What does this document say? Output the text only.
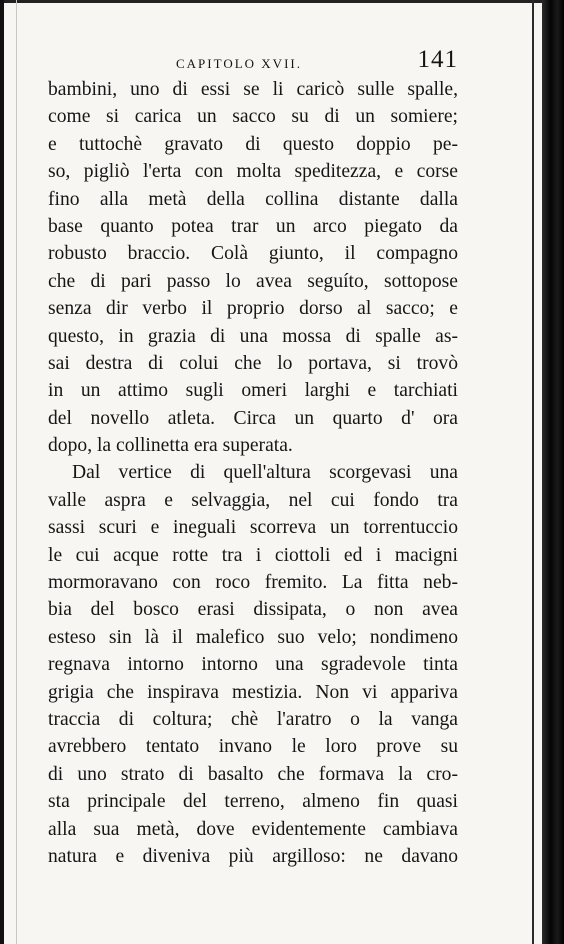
CAPITOLO XVII.	141
bambini, uno di essi se li caricò sulle spalle,
come si carica un sacco su di un somiere;
e tuttochè gravato di questo doppio pe-
so, pigliò l'erta con molta speditezza, e corse
fino alla metà della collina distante dalla
base quanto potea trar un arco piegato da
robusto braccio. Colà giunto, il compagno
che di pari passo lo avea seguíto, sottopose
senza dir verbo il proprio dorso al sacco; e
questo, in grazia di una mossa di spalle as-
sai destra di colui che lo portava, si trovò
in un attimo sugli omeri larghi e tarchiati
del novello atleta. Circa un quarto d' ora
dopo, la collinetta era superata.
Dal vertice di quell'altura scorgevasi una
valle aspra e selvaggia, nel cui fondo tra
sassi scuri e ineguali scorreva un torrentuccio
le cui acque rotte tra i ciottoli ed i macigni
mormoravano con roco fremito. La fitta neb-
bia del bosco erasi dissipata, o non avea
esteso sin là il malefico suo velo; nondimeno
regnava intorno intorno una sgradevole tinta
grigia che inspirava mestizia. Non vi appariva
traccia di coltura; chè l'aratro o la vanga
avrebbero tentato invano le loro prove su
di uno strato di basalto che formava la cro-
sta principale del terreno, almeno fin quasi
alla sua metà, dove evidentemente cambiava
natura e diveniva più argilloso: ne davano
